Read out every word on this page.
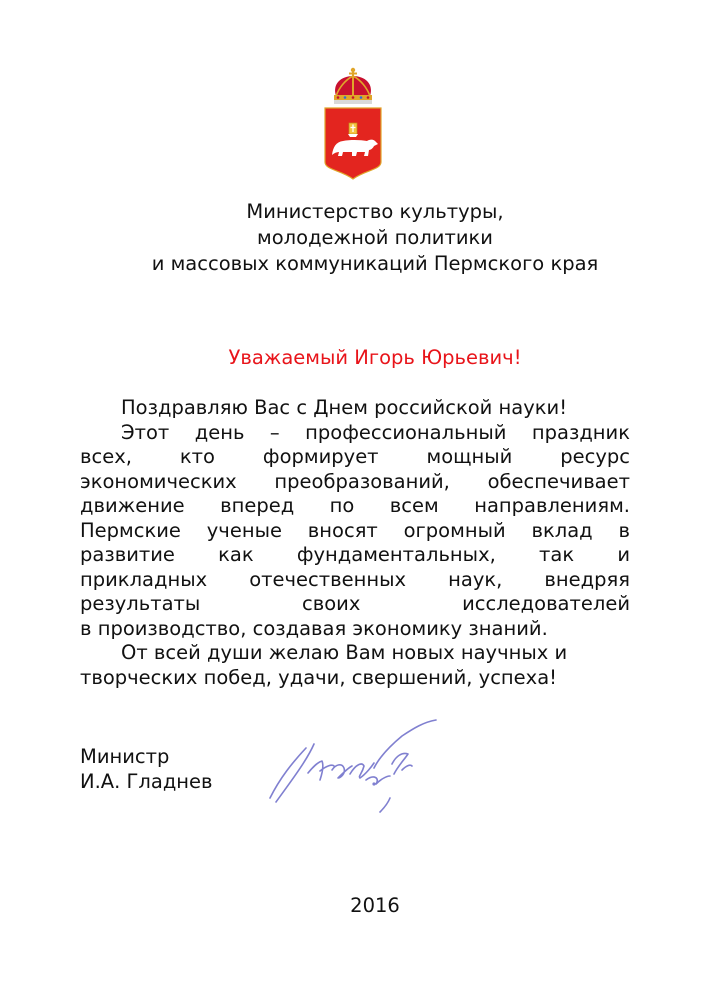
Министерство культуры,
молодежной политики
и массовых коммуникаций Пермского края
Уважаемый Игорь Юрьевич!

Поздравляю Вас с Днем российской науки!

Этот день – профессиональный праздник

всех, кто формирует мощный ресурс

экономических преобразований, обеспечивает

движение вперед по всем направлениям.

Пермские ученые вносят огромный вклад в

развитие как фундаментальных, так и

прикладных отечественных наук, внедряя

результаты своих исследователей

в производство, создавая экономику знаний.

От всей души желаю Вам новых научных и

творческих побед, удачи, свершений, успеха!

Министр
И.А. Гладнев
2016
